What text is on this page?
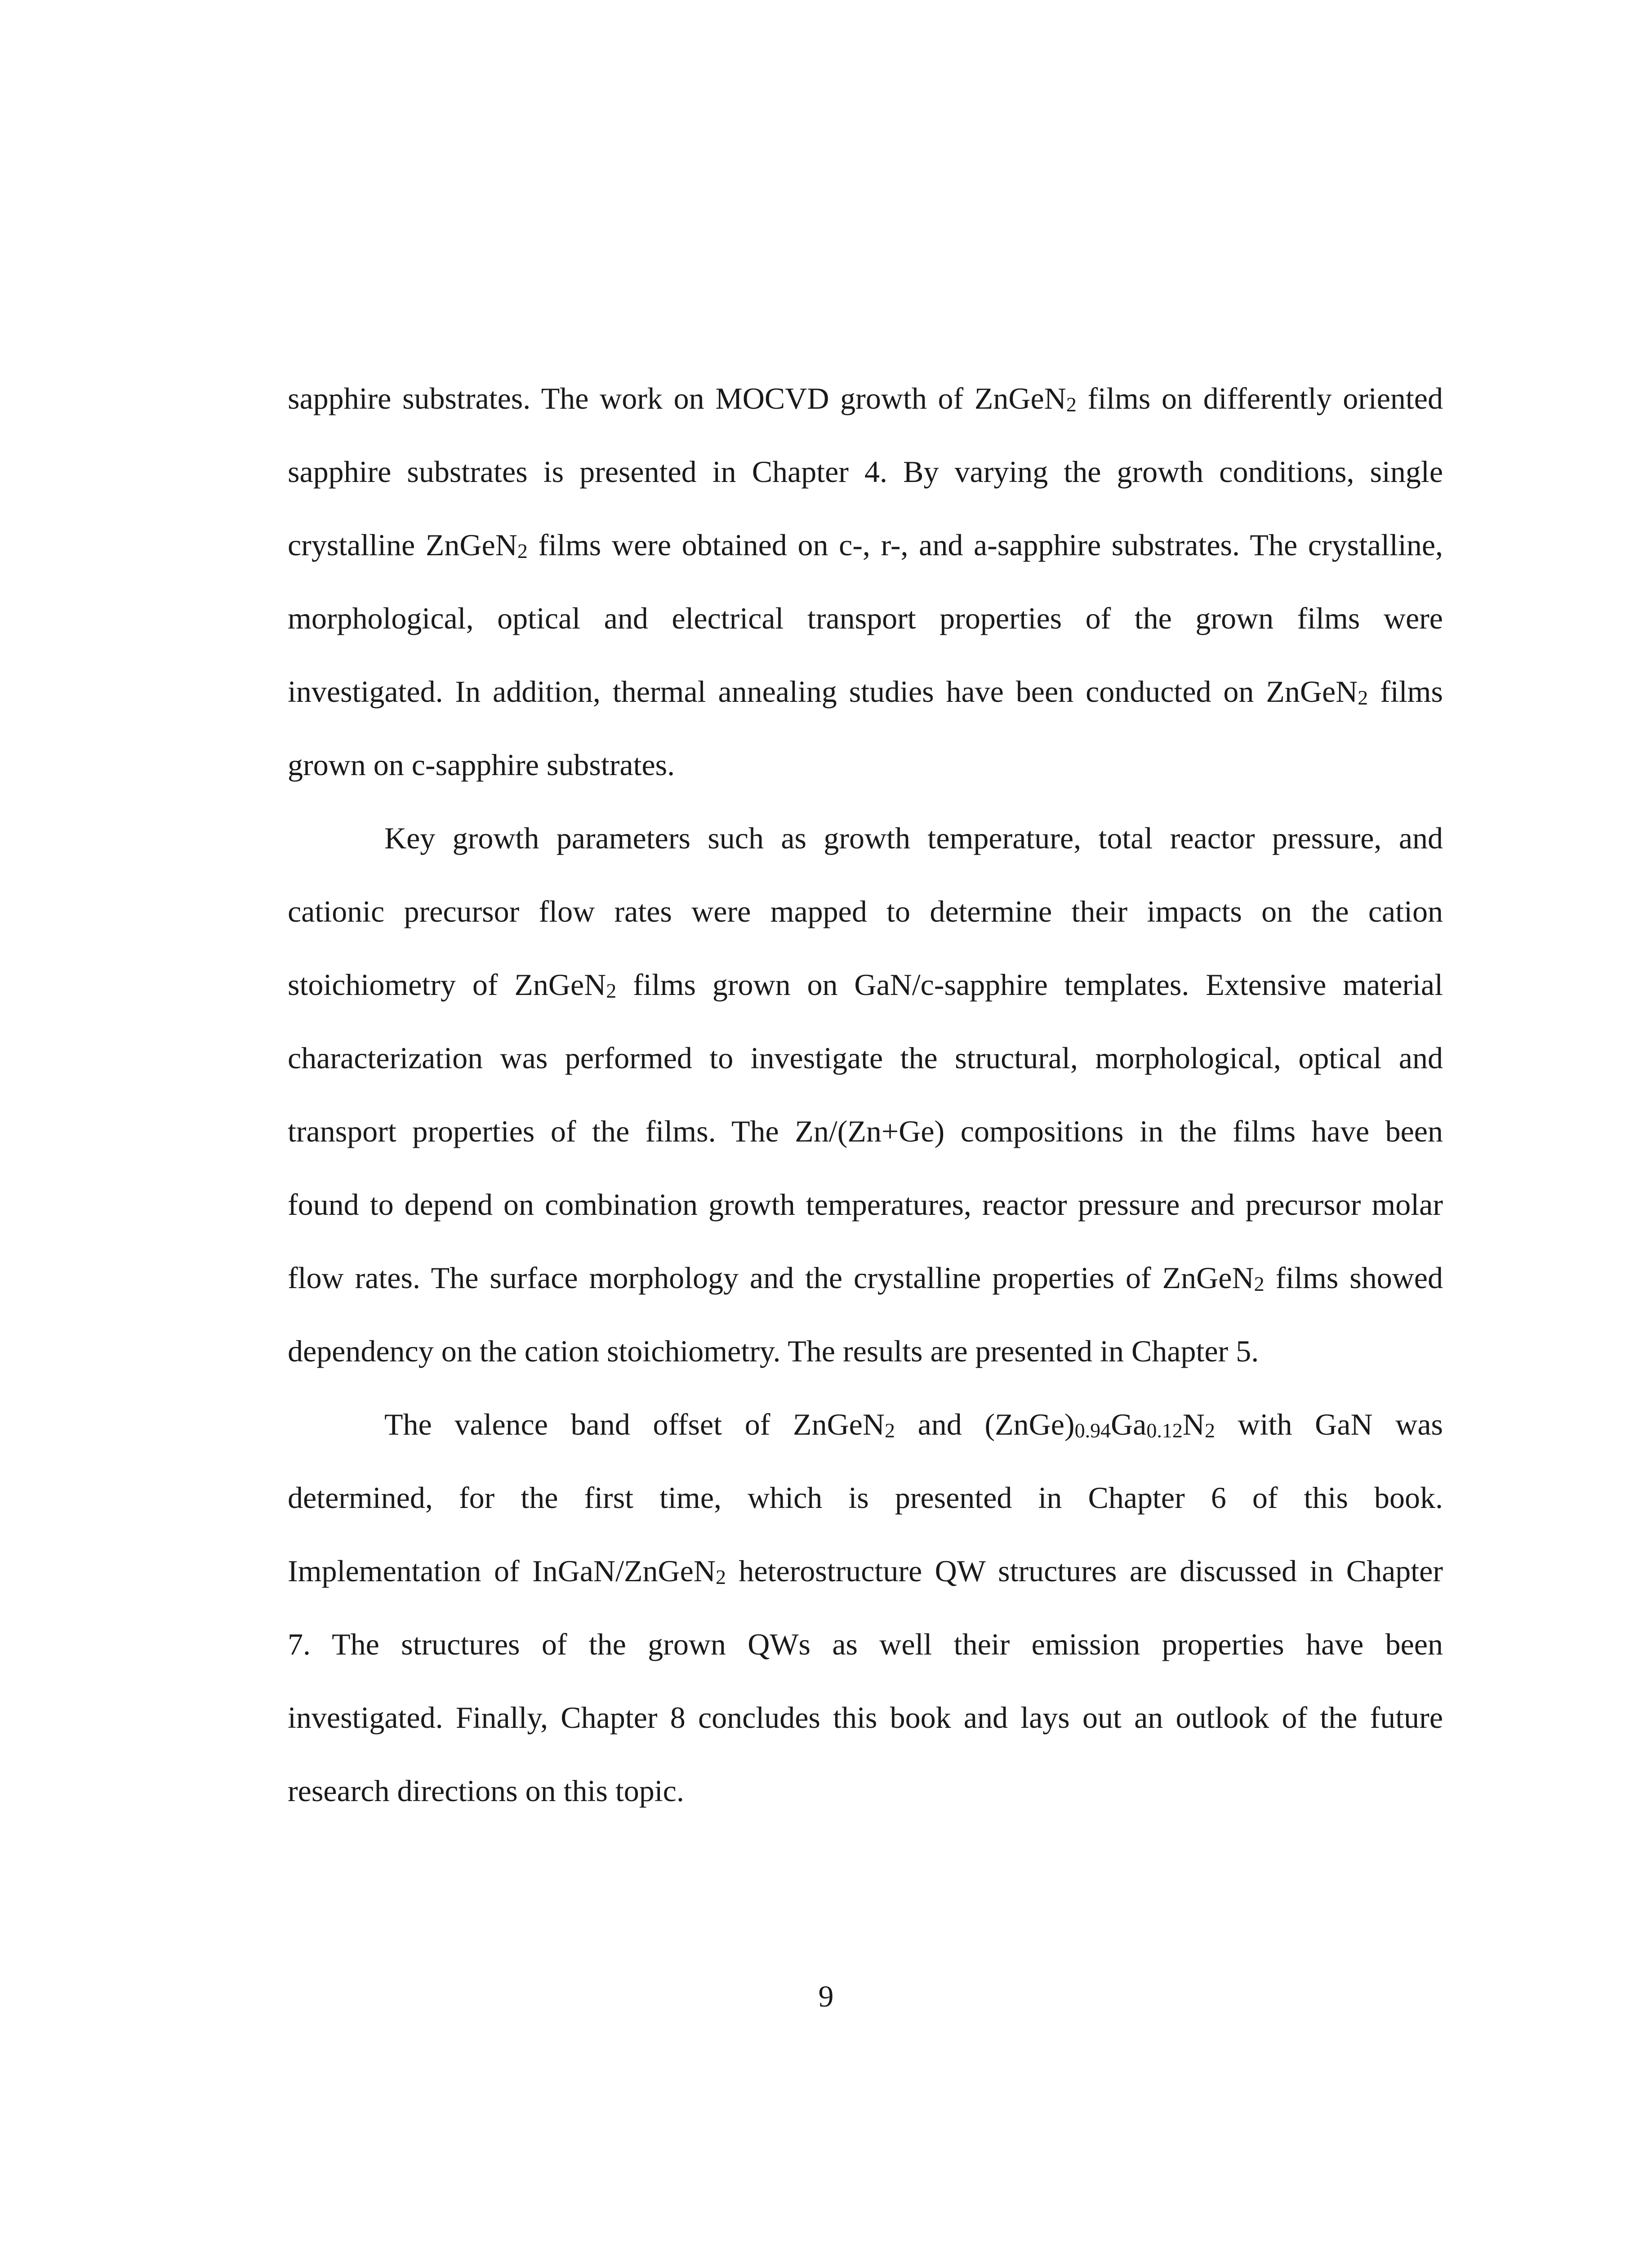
sapphire substrates. The work on MOCVD growth of ZnGeN$_2$ films on differently oriented
sapphire substrates is presented in Chapter 4. By varying the growth conditions, single
crystalline ZnGeN$_2$ films were obtained on c-, r-, and a-sapphire substrates. The crystalline,
morphological, optical and electrical transport properties of the grown films were
investigated. In addition, thermal annealing studies have been conducted on ZnGeN$_2$ films
grown on c-sapphire substrates.

Key growth parameters such as growth temperature, total reactor pressure, and
cationic precursor flow rates were mapped to determine their impacts on the cation
stoichiometry of ZnGeN$_2$ films grown on GaN/c-sapphire templates. Extensive material
characterization was performed to investigate the structural, morphological, optical and
transport properties of the films. The Zn/(Zn+Ge) compositions in the films have been
found to depend on combination growth temperatures, reactor pressure and precursor molar
flow rates. The surface morphology and the crystalline properties of ZnGeN$_2$ films showed
dependency on the cation stoichiometry. The results are presented in Chapter 5.

The valence band offset of ZnGeN$_2$ and $(ZnGe)_{0.94}Ga_{0.12}N_2$ with GaN was
determined, for the first time, which is presented in Chapter 6 of this book.
Implementation of InGaN/ZnGeN$_2$ heterostructure QW structures are discussed in Chapter
7. The structures of the grown QWs as well their emission properties have been
investigated. Finally, Chapter 8 concludes this book and lays out an outlook of the future
research directions on this topic.

9
